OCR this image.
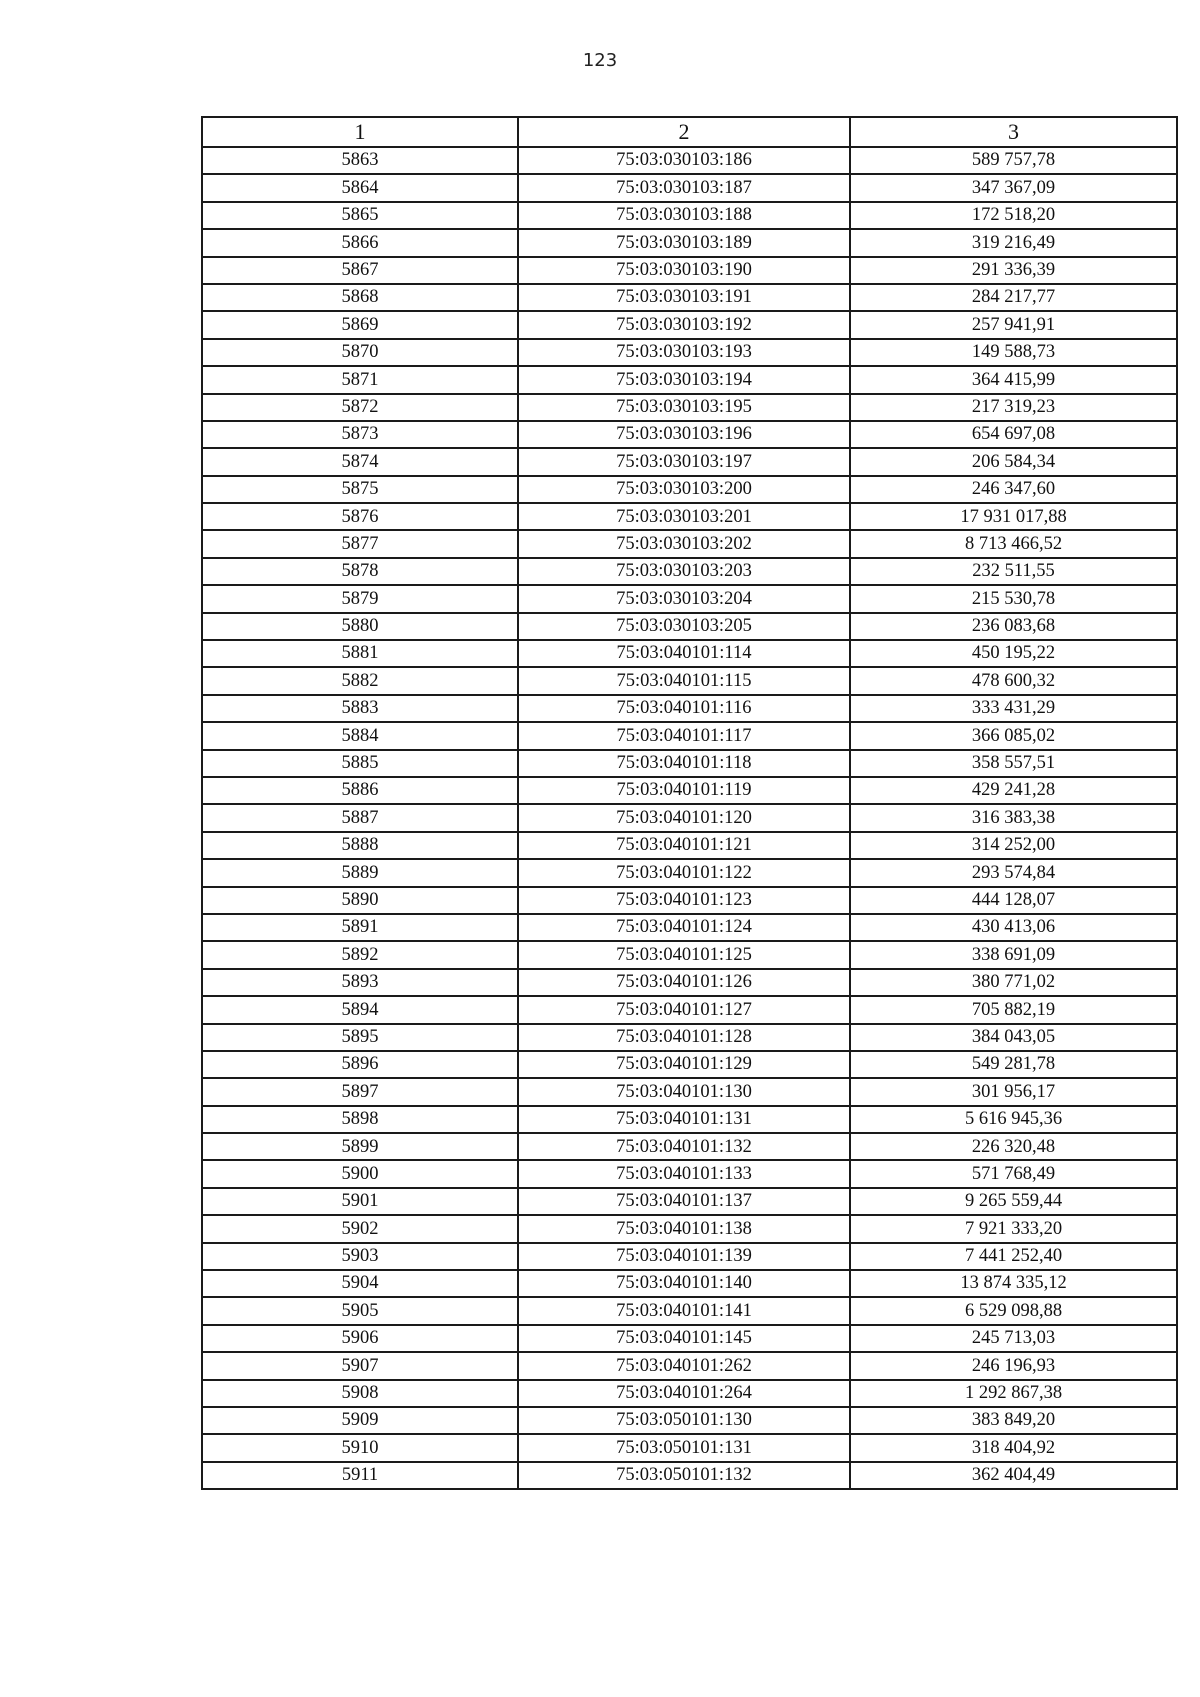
123
1	2	3
5863	75:03:030103:186	589 757,78
5864	75:03:030103:187	347 367,09
5865	75:03:030103:188	172 518,20
5866	75:03:030103:189	319 216,49
5867	75:03:030103:190	291 336,39
5868	75:03:030103:191	284 217,77
5869	75:03:030103:192	257 941,91
5870	75:03:030103:193	149 588,73
5871	75:03:030103:194	364 415,99
5872	75:03:030103:195	217 319,23
5873	75:03:030103:196	654 697,08
5874	75:03:030103:197	206 584,34
5875	75:03:030103:200	246 347,60
5876	75:03:030103:201	17 931 017,88
5877	75:03:030103:202	8 713 466,52
5878	75:03:030103:203	232 511,55
5879	75:03:030103:204	215 530,78
5880	75:03:030103:205	236 083,68
5881	75:03:040101:114	450 195,22
5882	75:03:040101:115	478 600,32
5883	75:03:040101:116	333 431,29
5884	75:03:040101:117	366 085,02
5885	75:03:040101:118	358 557,51
5886	75:03:040101:119	429 241,28
5887	75:03:040101:120	316 383,38
5888	75:03:040101:121	314 252,00
5889	75:03:040101:122	293 574,84
5890	75:03:040101:123	444 128,07
5891	75:03:040101:124	430 413,06
5892	75:03:040101:125	338 691,09
5893	75:03:040101:126	380 771,02
5894	75:03:040101:127	705 882,19
5895	75:03:040101:128	384 043,05
5896	75:03:040101:129	549 281,78
5897	75:03:040101:130	301 956,17
5898	75:03:040101:131	5 616 945,36
5899	75:03:040101:132	226 320,48
5900	75:03:040101:133	571 768,49
5901	75:03:040101:137	9 265 559,44
5902	75:03:040101:138	7 921 333,20
5903	75:03:040101:139	7 441 252,40
5904	75:03:040101:140	13 874 335,12
5905	75:03:040101:141	6 529 098,88
5906	75:03:040101:145	245 713,03
5907	75:03:040101:262	246 196,93
5908	75:03:040101:264	1 292 867,38
5909	75:03:050101:130	383 849,20
5910	75:03:050101:131	318 404,92
5911	75:03:050101:132	362 404,49
